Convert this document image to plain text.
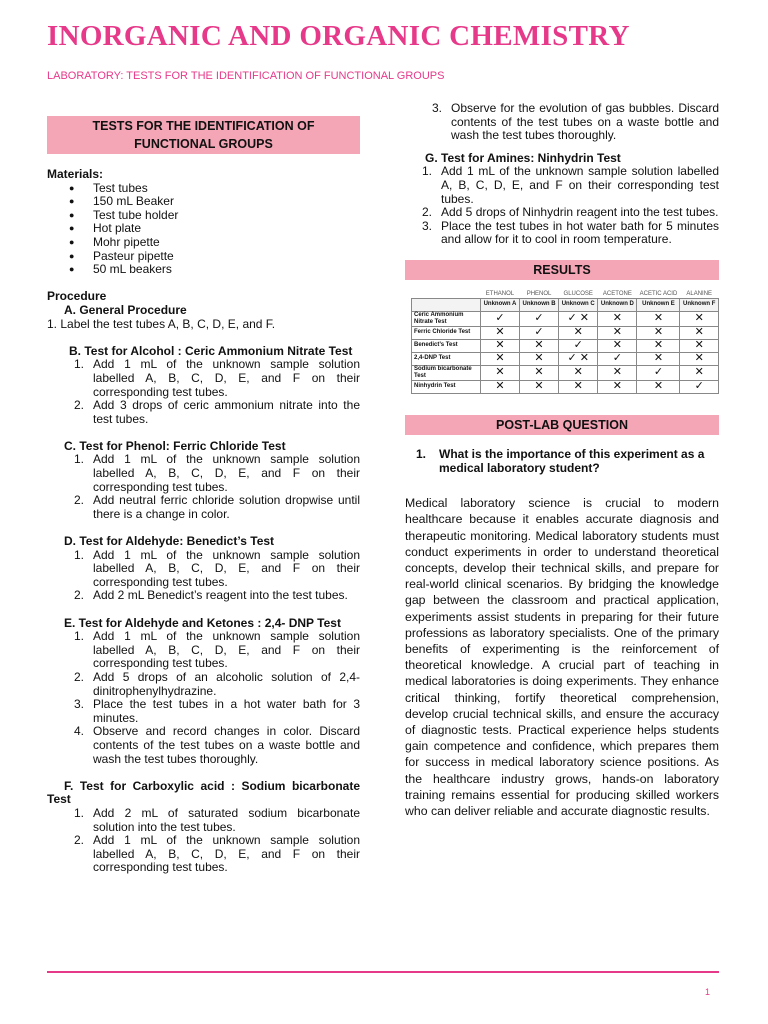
INORGANIC AND ORGANIC CHEMISTRY
LABORATORY: TESTS FOR THE IDENTIFICATION OF FUNCTIONAL GROUPS
TESTS FOR THE IDENTIFICATION OF FUNCTIONAL GROUPS
Materials:
● Test tubes
● 150 mL Beaker
● Test tube holder
● Hot plate
● Mohr pipette
● Pasteur pipette
● 50 mL beakers
Procedure
A. General Procedure
1. Label the test tubes A, B, C, D, E, and F.
B. Test for Alcohol : Ceric Ammonium Nitrate Test
1. Add 1 mL of the unknown sample solution labelled A, B, C, D, E, and F on their corresponding test tubes.
2. Add 3 drops of ceric ammonium nitrate into the test tubes.
C. Test for Phenol: Ferric Chloride Test
1. Add 1 mL of the unknown sample solution labelled A, B, C, D, E, and F on their corresponding test tubes.
2. Add neutral ferric chloride solution dropwise until there is a change in color.
D. Test for Aldehyde: Benedict’s Test
1. Add 1 mL of the unknown sample solution labelled A, B, C, D, E, and F on their corresponding test tubes.
2. Add 2 mL Benedict’s reagent into the test tubes.
E. Test for Aldehyde and Ketones : 2,4- DNP Test
1. Add 1 mL of the unknown sample solution labelled A, B, C, D, E, and F on their corresponding test tubes.
2. Add 5 drops of an alcoholic solution of 2,4-dinitrophenylhydrazine.
3. Place the test tubes in a hot water bath for 3 minutes.
4. Observe and record changes in color. Discard contents of the test tubes on a waste bottle and wash the test tubes thoroughly.
F. Test for Carboxylic acid : Sodium bicarbonate Test
1. Add 2 mL of saturated sodium bicarbonate solution into the test tubes.
2. Add 1 mL of the unknown sample solution labelled A, B, C, D, E, and F on their corresponding test tubes.
3. Observe for the evolution of gas bubbles. Discard contents of the test tubes on a waste bottle and wash the test tubes thoroughly.
G. Test for Amines: Ninhydrin Test
1. Add 1 mL of the unknown sample solution labelled A, B, C, D, E, and F on their corresponding test tubes.
2. Add 5 drops of Ninhydrin reagent into the test tubes.
3. Place the test tubes in hot water bath for 5 minutes and allow for it to cool in room temperature.
RESULTS
	ETHANOL	PHENOL	GLUCOSE	ACETONE	ACETIC ACID	ALANINE
	Unknown A	Unknown B	Unknown C	Unknown D	Unknown E	Unknown F
Ceric Ammonium Nitrate Test	✓	✓	✓ ✕	✕	✕	✕
Ferric Chloride Test	✕	✓	✕	✕	✕	✕
Benedict’s Test	✕	✕	✓	✕	✕	✕
2,4-DNP Test	✕	✕	✓ ✕	✓	✕	✕
Sodium bicarbonate Test	✕	✕	✕	✕	✓	✕
Ninhydrin Test	✕	✕	✕	✕	✕	✓
POST-LAB QUESTION
1.	What is the importance of this experiment as a medical laboratory student?
Medical laboratory science is crucial to modern healthcare because it enables accurate diagnosis and therapeutic monitoring. Medical laboratory students must conduct experiments in order to understand theoretical concepts, develop their technical skills, and prepare for real-world clinical scenarios. By bridging the knowledge gap between the classroom and practical application, experiments assist students in preparing for their future professions as laboratory specialists. One of the primary benefits of experimenting is the reinforcement of theoretical knowledge. A crucial part of teaching in medical laboratories is doing experiments. They enhance critical thinking, fortify theoretical comprehension, develop crucial technical skills, and ensure the accuracy of diagnostic tests. Practical experience helps students gain competence and confidence, which prepares them for success in medical laboratory science positions. As the healthcare industry grows, hands-on laboratory training remains essential for producing skilled workers who can deliver reliable and accurate diagnostic results.
1
